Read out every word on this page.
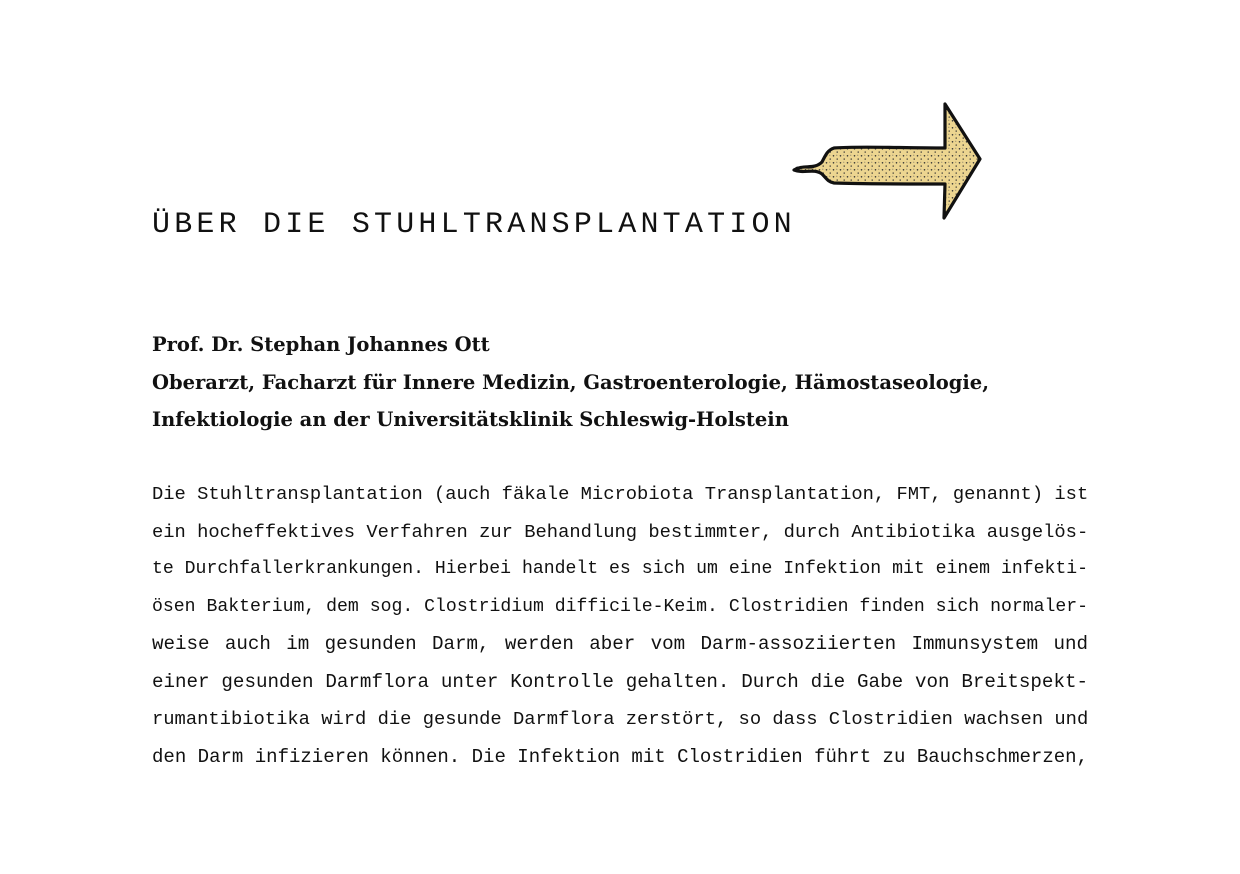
ÜBER DIE STUHLTRANSPLANTATION
Prof. Dr. Stephan Johannes Ott
Oberarzt, Facharzt für Innere Medizin, Gastroenterologie, Hämostaseologie,
Infektiologie an der Universitätsklinik Schleswig-Holstein
Die Stuhltransplantation (auch fäkale Microbiota Transplantation, FMT, genannt) ist
ein hocheffektives Verfahren zur Behandlung bestimmter, durch Antibiotika ausgelös-
te Durchfallerkrankungen. Hierbei handelt es sich um eine Infektion mit einem infekti-
ösen Bakterium, dem sog. Clostridium difficile-Keim. Clostridien finden sich normaler-
weise auch im gesunden Darm, werden aber vom Darm-assoziierten Immunsystem und
einer gesunden Darmflora unter Kontrolle gehalten. Durch die Gabe von Breitspekt-
rumantibiotika wird die gesunde Darmflora zerstört, so dass Clostridien wachsen und
den Darm infizieren können. Die Infektion mit Clostridien führt zu Bauchschmerzen,
